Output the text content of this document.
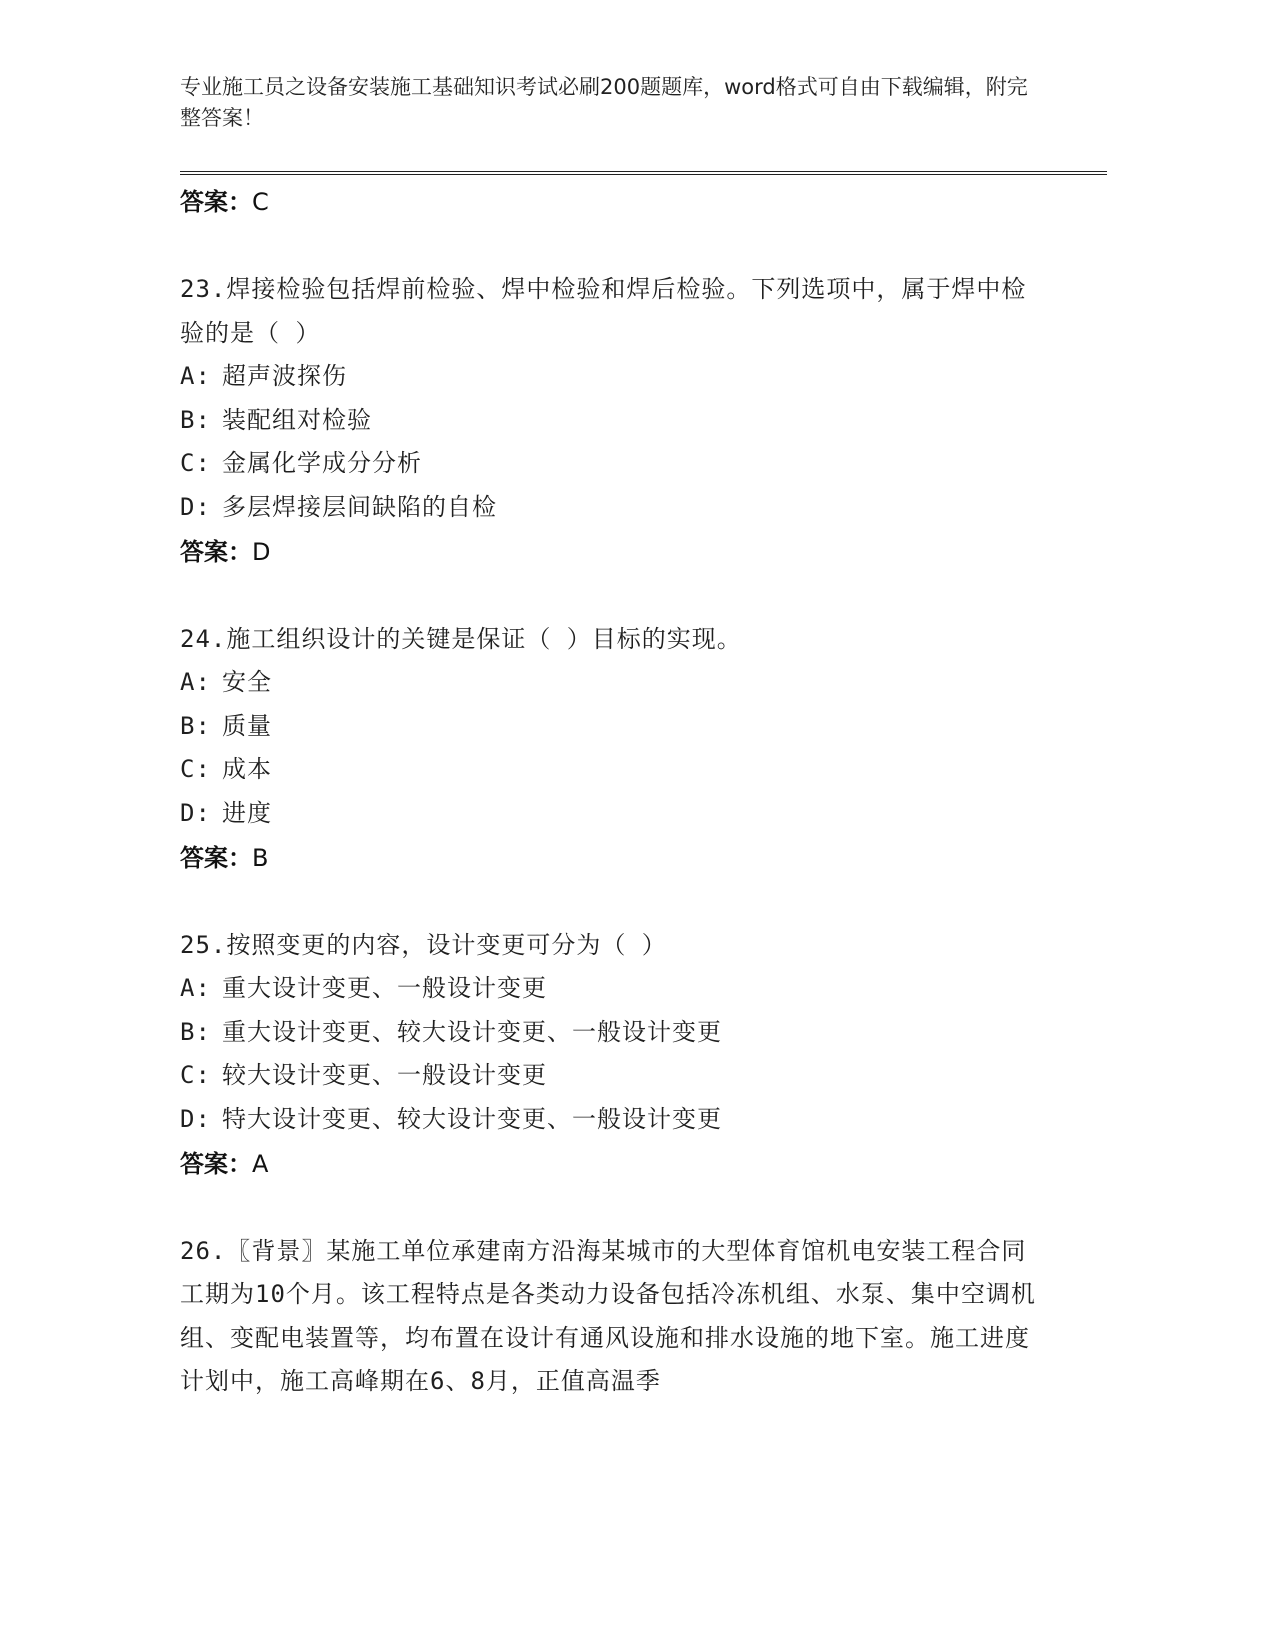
专业施工员之设备安装施工基础知识考试必刷200题题库，word格式可自由下载编辑，附完整答案！
答案：C
23.焊接检验包括焊前检验、焊中检验和焊后检验。下列选项中，属于焊中检验的是（ ）
A: 超声波探伤
B: 装配组对检验
C: 金属化学成分分析
D: 多层焊接层间缺陷的自检
答案：D
24.施工组织设计的关键是保证（ ）目标的实现。
A: 安全
B: 质量
C: 成本
D: 进度
答案：B
25.按照变更的内容，设计变更可分为（ ）
A: 重大设计变更、一般设计变更
B: 重大设计变更、较大设计变更、一般设计变更
C: 较大设计变更、一般设计变更
D: 特大设计变更、较大设计变更、一般设计变更
答案：A
26.〖背景〗某施工单位承建南方沿海某城市的大型体育馆机电安装工程合同工期为10个月。该工程特点是各类动力设备包括冷冻机组、水泵、集中空调机组、变配电装置等，均布置在设计有通风设施和排水设施的地下室。施工进度计划中，施工高峰期在6、8月，正值高温季
